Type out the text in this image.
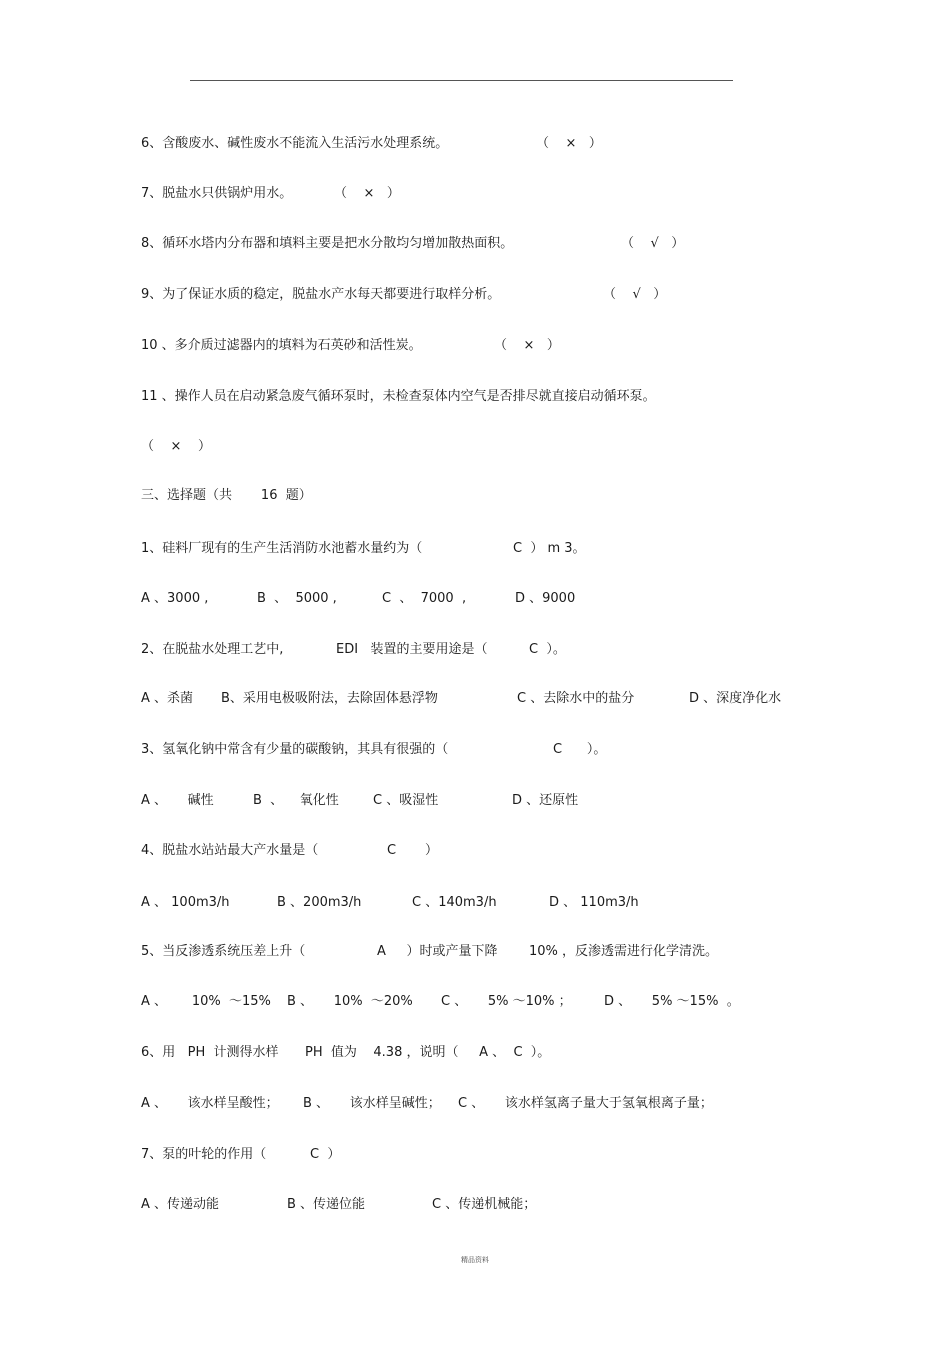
6、含酸废水、碱性废水不能流入生活污水处理系统。

	（    ×   ）

7、脱盐水只供锅炉用水。

	（    ×   ）

8、循环水塔内分布器和填料主要是把水分散均匀增加散热面积。

	（    √   ）

9、为了保证水质的稳定，脱盐水产水每天都要进行取样分析。

	（    √   ）

10 、多介质过滤器内的填料为石英砂和活性炭。

	（    ×   ）

11 、操作人员在启动紧急废气循环泵时，未检查泵体内空气是否排尽就直接启动循环泵。

（    ×    ）

三、选择题（共       16  题）

1、硅料厂现有的生产生活消防水池蓄水量约为（

	C  ） m 3。

A 、3000 ,

	B  、  5000 ,

	C  、  7000  ,

	D 、9000

2、在脱盐水处理工艺中,

	EDI   装置的主要用途是（

	C  ）。

A 、杀菌

B、采用电极吸附法，去除固体悬浮物

	C 、去除水中的盐分

	D 、深度净化水

3、氢氧化钠中常含有少量的碳酸钠，其具有很强的（

	C      ）。

A 、     碱性

	B  、    氧化性

	C 、吸湿性

	D 、还原性

4、脱盐水站站最大产水量是（

	C       ）

A 、 100m3/h

	B 、200m3/h

	C 、140m3/h

	D 、 110m3/h

5、当反渗透系统压差上升（

	A     ）时或产量下降

10% ，反渗透需进行化学清洗。

A 、      10%  ～15%

B 、     10%  ～20%

C 、     5% ～10% ；

D 、     5% ～15%  。

6、用   PH  计测得水样

PH  值为    4.38 ，说明（     A 、  C  ）。

A 、     该水样呈酸性；

B 、     该水样呈碱性；

C 、     该水样氢离子量大于氢氧根离子量；

7、泵的叶轮的作用（

	C  ）

A 、传递动能

	B 、传递位能

	C 、传递机械能；

精品资料
